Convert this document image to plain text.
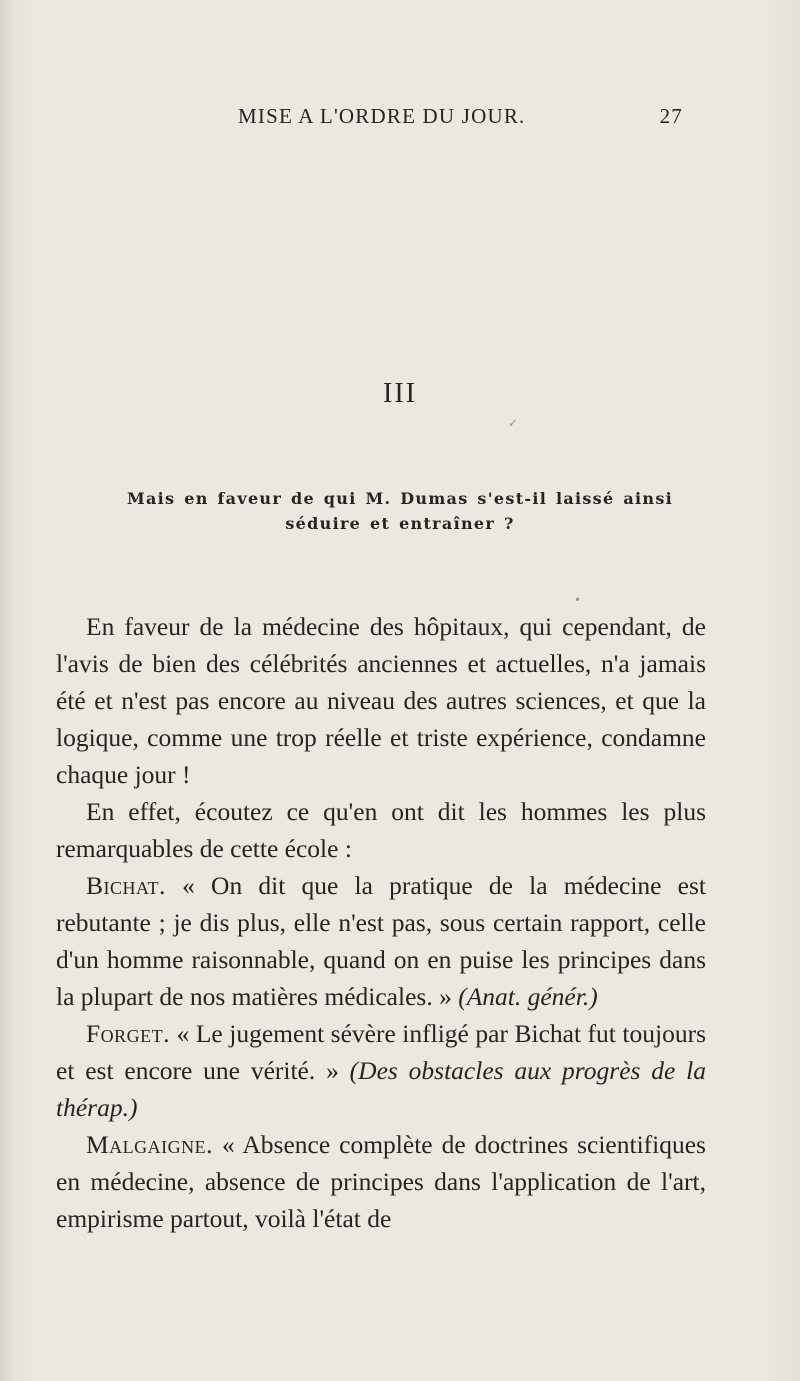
MISE A L'ORDRE DU JOUR.	27
III
Mais en faveur de qui M. Dumas s'est-il laissé ainsi
séduire et entraîner ?

En faveur de la médecine des hôpitaux, qui cependant, de l'avis de bien des célébrités anciennes et actuelles, n'a jamais été et n'est pas encore au niveau des autres sciences, et que la logique, comme une trop réelle et triste expérience, condamne chaque jour !

En effet, écoutez ce qu'en ont dit les hommes les plus remarquables de cette école :

Bichat. « On dit que la pratique de la médecine est rebutante ; je dis plus, elle n'est pas, sous certain rapport, celle d'un homme raisonnable, quand on en puise les principes dans la plupart de nos matières médicales. » (Anat. génér.)

Forget. « Le jugement sévère infligé par Bichat fut toujours et est encore une vérité. » (Des obstacles aux progrès de la thérap.)

Malgaigne. « Absence complète de doctrines scientifiques en médecine, absence de principes dans l'application de l'art, empirisme partout, voilà l'état de

✓
•
